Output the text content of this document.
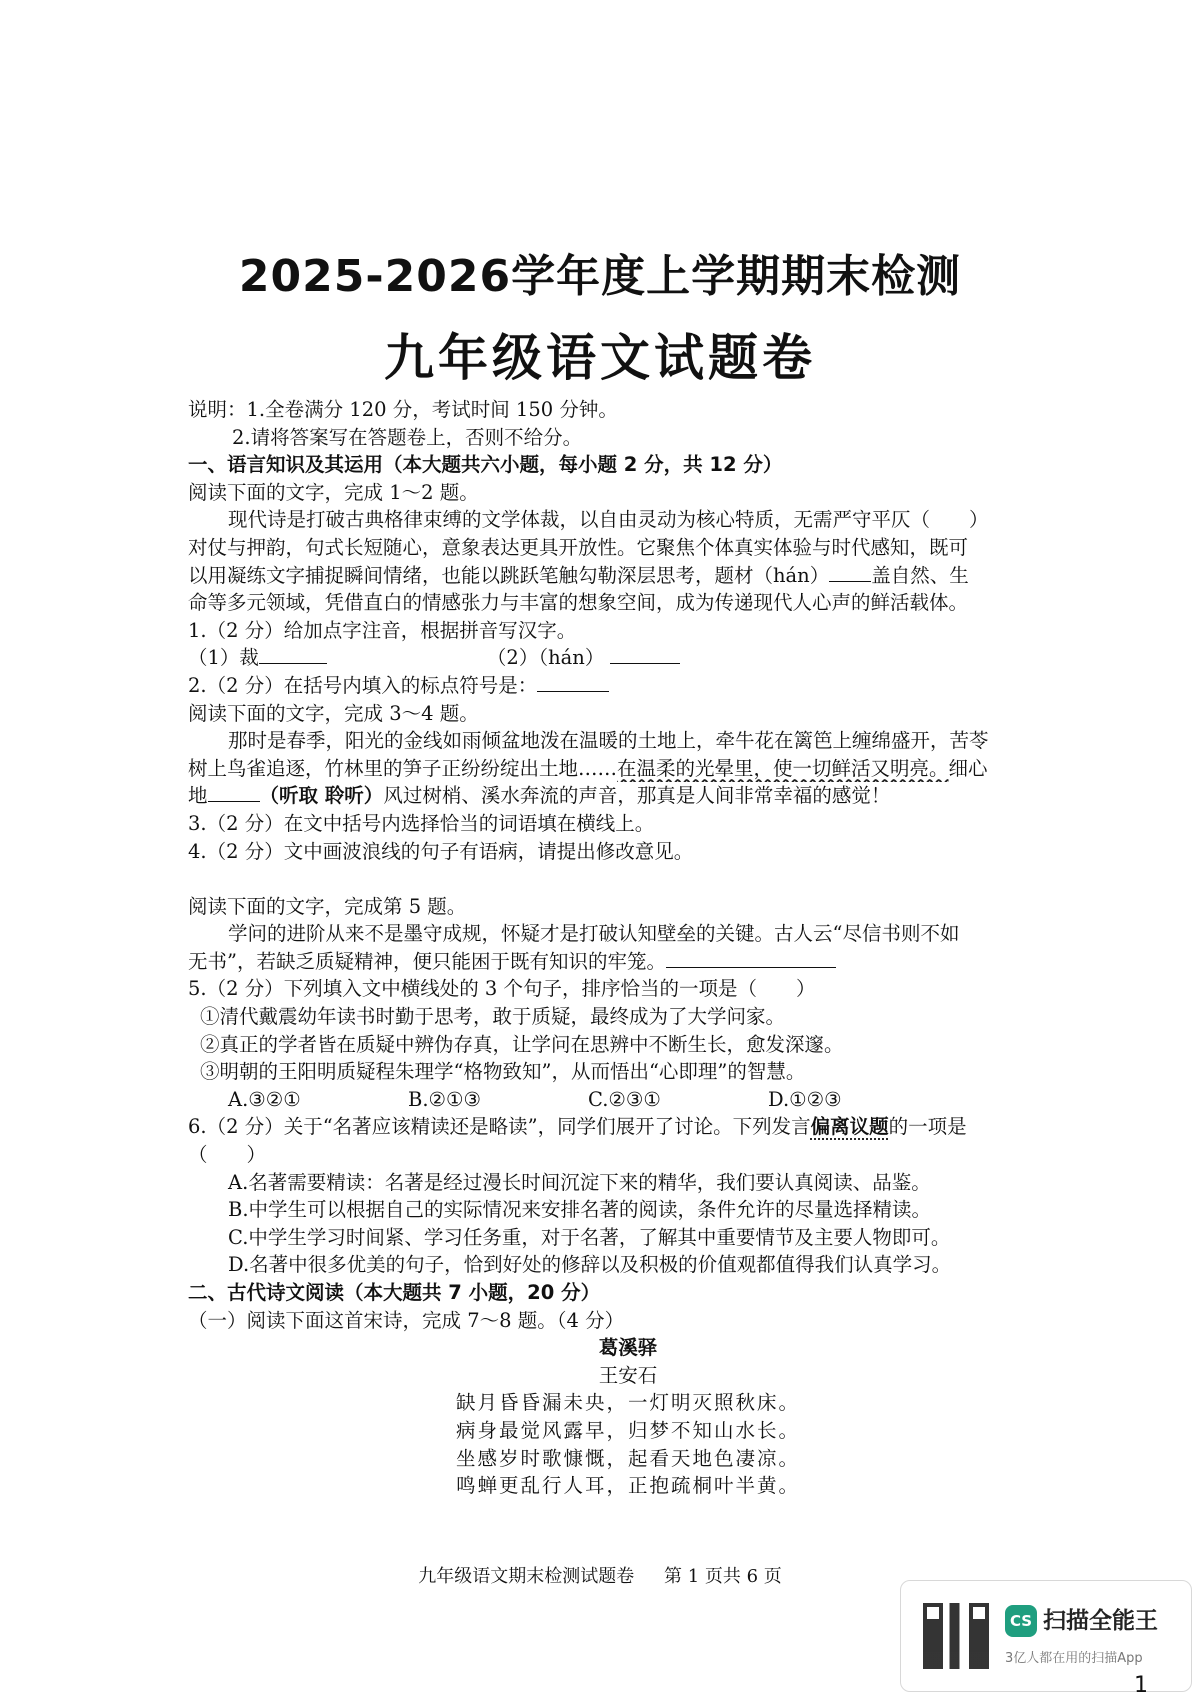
2025-2026学年度上学期期末检测
九年级语文试题卷
说明：1.全卷满分 120 分，考试时间 150 分钟。
2.请将答案写在答题卷上，否则不给分。
一、语言知识及其运用（本大题共六小题，每小题 2 分，共 12 分）
阅读下面的文字，完成 1～2 题。
现代诗是打破古典格律束缚的文学体裁，以自由灵动为核心特质，无需严守平仄（　　）
对仗与押韵，句式长短随心，意象表达更具开放性。它聚焦个体真实体验与时代感知，既可
以用凝练文字捕捉瞬间情绪，也能以跳跃笔触勾勒深层思考，题材（hán） 盖自然、生
命等多元领域，凭借直白的情感张力与丰富的想象空间，成为传递现代人心声的鲜活载体。
1.（2 分）给加点字注音，根据拼音写汉字。
（1）裁	（2）（hán）
2.（2 分）在括号内填入的标点符号是：
阅读下面的文字，完成 3～4 题。
那时是春季，阳光的金线如雨倾盆地泼在温暖的土地上，牵牛花在篱笆上缠绵盛开，苦苓
树上鸟雀追逐，竹林里的笋子正纷纷绽出土地……在温柔的光晕里，使一切鲜活又明亮。细心
地	（听取 聆听）风过树梢、溪水奔流的声音，那真是人间非常幸福的感觉！
3.（2 分）在文中括号内选择恰当的词语填在横线上。
4.（2 分）文中画波浪线的句子有语病，请提出修改意见。
阅读下面的文字，完成第 5 题。
学问的进阶从来不是墨守成规，怀疑才是打破认知壁垒的关键。古人云“尽信书则不如
无书”，若缺乏质疑精神，便只能困于既有知识的牢笼。
5.（2 分）下列填入文中横线处的 3 个句子，排序恰当的一项是（　　）
①清代戴震幼年读书时勤于思考，敢于质疑，最终成为了大学问家。
②真正的学者皆在质疑中辨伪存真，让学问在思辨中不断生长，愈发深邃。
③明朝的王阳明质疑程朱理学“格物致知”，从而悟出“心即理”的智慧。
A.③②①	B.②①③	C.②③①	D.①②③
6.（2 分）关于“名著应该精读还是略读”，同学们展开了讨论。下列发言偏离议题的一项是
（　　）
A.名著需要精读：名著是经过漫长时间沉淀下来的精华，我们要认真阅读、品鉴。
B.中学生可以根据自己的实际情况来安排名著的阅读，条件允许的尽量选择精读。
C.中学生学习时间紧、学习任务重，对于名著，了解其中重要情节及主要人物即可。
D.名著中很多优美的句子，恰到好处的修辞以及积极的价值观都值得我们认真学习。
二、古代诗文阅读（本大题共 7 小题，20 分）
（一）阅读下面这首宋诗，完成 7～8 题。（4 分）
葛溪驿
王安石
缺月昏昏漏未央，一灯明灭照秋床。
病身最觉风露早，归梦不知山水长。
坐感岁时歌慷慨，起看天地色凄凉。
鸣蝉更乱行人耳，正抱疏桐叶半黄。
九年级语文期末检测试题卷 第 1 页共 6 页
CS 扫描全能王
3亿人都在用的扫描App
1
